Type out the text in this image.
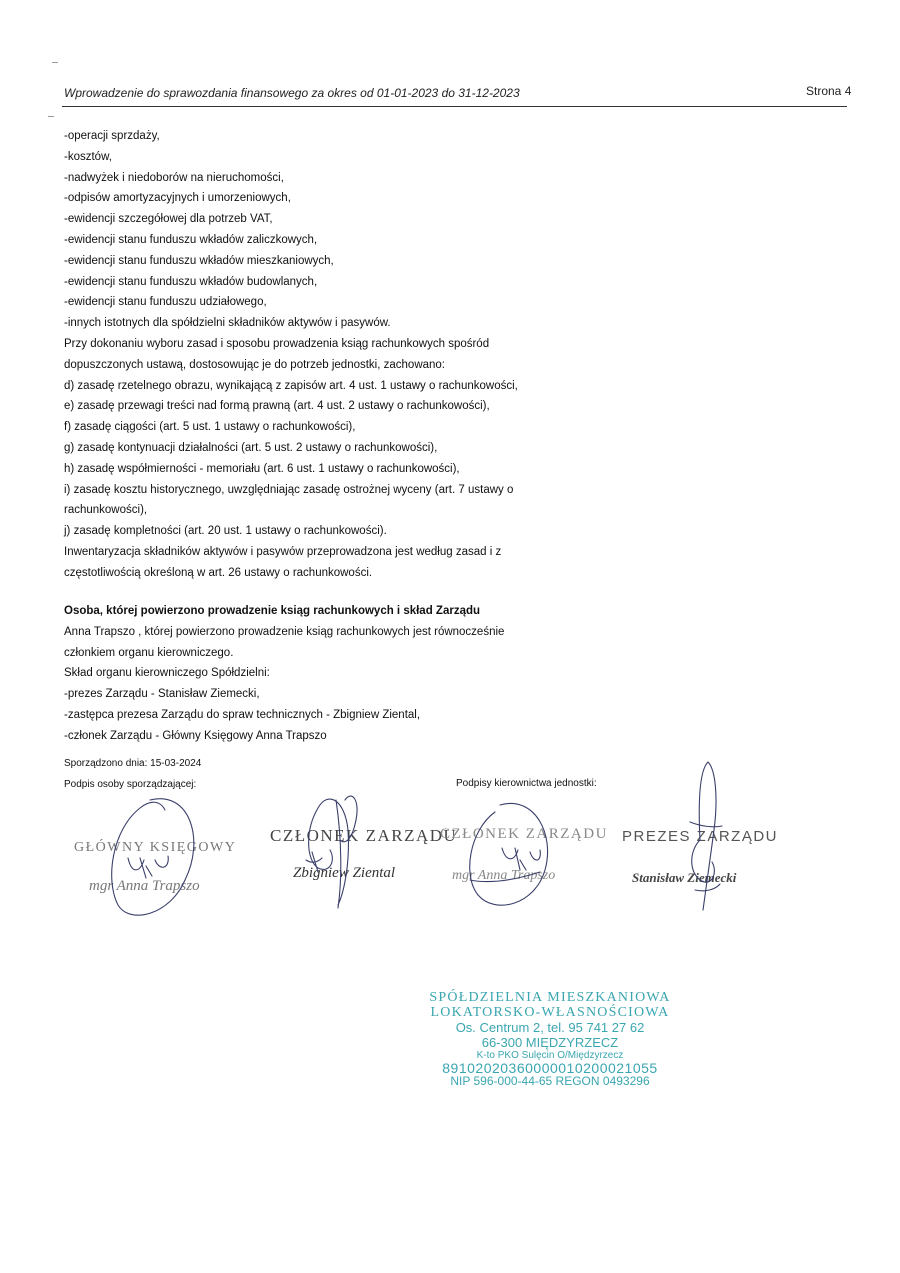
Wprowadzenie do sprawozdania finansowego za okres od 01-01-2023 do 31-12-2023	Strona 4
-operacji sprzdaży,
-kosztów,
-nadwyżek i niedoborów na nieruchomości,
-odpisów amortyzacyjnych i umorzeniowych,
-ewidencji szczegółowej dla potrzeb VAT,
-ewidencji stanu funduszu wkładów zaliczkowych,
-ewidencji stanu funduszu wkładów mieszkaniowych,
-ewidencji stanu funduszu wkładów budowlanych,
-ewidencji stanu funduszu udziałowego,
-innych istotnych dla spółdzielni składników aktywów i pasywów.
Przy dokonaniu wyboru zasad i sposobu prowadzenia ksiąg rachunkowych spośród
dopuszczonych ustawą, dostosowując je do potrzeb jednostki, zachowano:
d) zasadę rzetelnego obrazu, wynikającą z zapisów art. 4 ust. 1 ustawy o rachunkowości,
e) zasadę przewagi treści nad formą prawną (art. 4 ust. 2 ustawy o rachunkowości),
f) zasadę ciągości (art. 5 ust. 1 ustawy o rachunkowości),
g) zasadę kontynuacji działalności (art. 5 ust. 2 ustawy o rachunkowości),
h) zasadę współmierności - memoriału (art. 6 ust. 1 ustawy o rachunkowości),
i) zasadę kosztu historycznego, uwzględniając zasadę ostrożnej wyceny (art. 7 ustawy o
rachunkowości),
j) zasadę kompletności (art. 20 ust. 1 ustawy o rachunkowości).
Inwentaryzacja składników aktywów i pasywów przeprowadzona jest według zasad i z
częstotliwością określoną w art. 26 ustawy o rachunkowości.
Osoba, której powierzono prowadzenie ksiąg rachunkowych i skład Zarządu
Anna Trapszo , której powierzono prowadzenie ksiąg rachunkowych jest równocześnie
członkiem organu kierowniczego.
Skład organu kierowniczego Spółdzielni:
-prezes Zarządu - Stanisław Ziemecki,
-zastępca prezesa Zarządu do spraw technicznych - Zbigniew Ziental,
-członek Zarządu - Główny Księgowy Anna Trapszo
Sporządzono dnia: 15-03-2024
Podpis osoby sporządzającej:	Podpisy kierownictwa jednostki:
GŁÓWNY KSIĘGOWY
mgr Anna Trapszo
CZŁONEK ZARZĄDU
Zbigniew Ziental
CZŁONEK ZARZĄDU
mgr Anna Trapszo
PREZES ZARZĄDU
Stanisław Ziemecki
SPÓŁDZIELNIA MIESZKANIOWA
LOKATORSKO-WŁASNOŚCIOWA
Os. Centrum 2, tel. 95 741 27 62
66-300 MIĘDZYRZECZ
K-to PKO Sulęcin O/Międzyrzecz
89102020360000010200021055
NIP 596-000-44-65 REGON 0493296
